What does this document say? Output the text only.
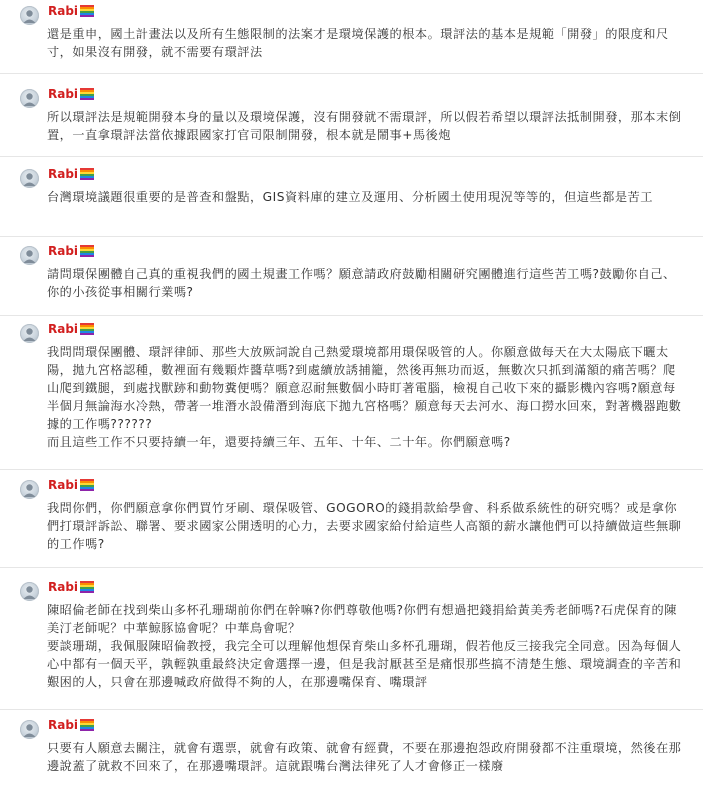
Rabi

還是重申，國土計畫法以及所有生態限制的法案才是環境保護的根本。環評法的基本是規範「開發」的限度和尺寸，如果沒有開發，就不需要有環評法

Rabi

所以環評法是規範開發本身的量以及環境保護，沒有開發就不需環評，所以假若希望以環評法抵制開發，那本末倒置，一直拿環評法當依據跟國家打官司限制開發，根本就是鬧事+馬後炮

Rabi

台灣環境議題很重要的是普查和盤點，GIS資料庫的建立及運用、分析國土使用現況等等的，但這些都是苦工

Rabi

請問環保團體自己真的重視我們的國土規畫工作嗎？願意請政府鼓勵相關研究團體進行這些苦工嗎?鼓勵你自己、你的小孩從事相關行業嗎?

Rabi

我問問環保團體、環評律師、那些大放厥詞說自己熱愛環境都用環保吸管的人。你願意做每天在大太陽底下曬太陽，拋九宮格認種，數裡面有幾顆炸醬草嗎?到處續放誘捕籠，然後再無功而返，無數次只抓到滿額的痛苦嗎？爬山爬到鐵腿，到處找獸跡和動物糞便嗎？願意忍耐無數個小時盯著電腦，檢視自己收下來的攝影機內容嗎?願意每半個月無論海水冷熱，帶著一堆潛水設備潛到海底下拋九宮格嗎？願意每天去河水、海口撈水回來，對著機器跑數據的工作嗎??????

而且這些工作不只要持續一年，還要持續三年、五年、十年、二十年。你們願意嗎?

Rabi

我問你們，你們願意拿你們買竹牙刷、環保吸管、GOGORO的錢捐款給學會、科系做系統性的研究嗎？或是拿你們打環評訴訟、聯署、要求國家公開透明的心力，去要求國家給付給這些人高額的薪水讓他們可以持續做這些無聊的工作嗎?

Rabi

陳昭倫老師在找到柴山多杯孔珊瑚前你們在幹嘛?你們尊敬他嗎?你們有想過把錢捐給黃美秀老師嗎?石虎保育的陳美汀老師呢？中華鯨豚協會呢？中華鳥會呢？

要談珊瑚，我佩服陳昭倫教授，我完全可以理解他想保育柴山多杯孔珊瑚，假若他反三接我完全同意。因為每個人心中都有一個天平，孰輕孰重最終決定會選擇一邊，但是我討厭甚至是痛恨那些搞不清楚生態、環境調查的辛苦和艱困的人，只會在那邊喊政府做得不夠的人，在那邊嘴保育、嘴環評

Rabi

只要有人願意去關注，就會有選票，就會有政策、就會有經費，不要在那邊抱怨政府開發都不注重環境，然後在那邊說蓋了就救不回來了，在那邊嘴環評。這就跟嘴台灣法律死了人才會修正一樣廢
